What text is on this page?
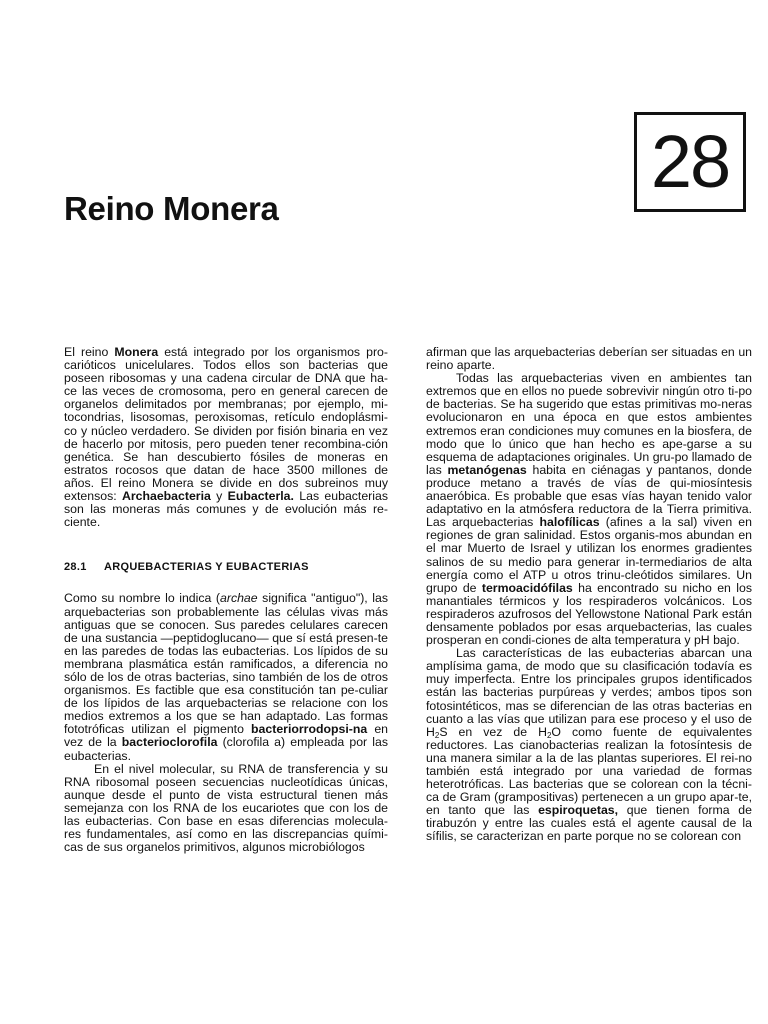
28
Reino Monera

El reino Monera está integrado por los organismos pro-carióticos unicelulares. Todos ellos son bacterias que poseen ribosomas y una cadena circular de DNA que ha-ce las veces de cromosoma, pero en general carecen de organelos delimitados por membranas; por ejemplo, mi-tocondrias, lisosomas, peroxisomas, retículo endoplásmi-co y núcleo verdadero. Se dividen por fisión binaria en vez de hacerlo por mitosis, pero pueden tener recombina-ción genética. Se han descubierto fósiles de moneras en estratos rocosos que datan de hace 3500 millones de años. El reino Monera se divide en dos subreinos muy extensos: Archaebacteria y Eubacterla. Las eubacterias son las moneras más comunes y de evolución más re-ciente.

28.1 ARQUEBACTERIAS Y EUBACTERIAS

Como su nombre lo indica (archae significa "antiguo"), las arquebacterias son probablemente las células vivas más antiguas que se conocen. Sus paredes celulares carecen de una sustancia —peptidoglucano— que sí está presen-te en las paredes de todas las eubacterias. Los lípidos de su membrana plasmática están ramificados, a diferencia no sólo de los de otras bacterias, sino también de los de otros organismos. Es factible que esa constitución tan pe-culiar de los lípidos de las arquebacterias se relacione con los medios extremos a los que se han adaptado. Las formas fototróficas utilizan el pigmento bacteriorrodopsi-na en vez de la bacterioclorofila (clorofila a) empleada por las eubacterias.

En el nivel molecular, su RNA de transferencia y su RNA ribosomal poseen secuencias nucleotídicas únicas, aunque desde el punto de vista estructural tienen más semejanza con los RNA de los eucariotes que con los de las eubacterias. Con base en esas diferencias molecula-res fundamentales, así como en las discrepancias quími-cas de sus organelos primitivos, algunos microbiólogos

afirman que las arquebacterias deberían ser situadas en un reino aparte.

Todas las arquebacterias viven en ambientes tan extremos que en ellos no puede sobrevivir ningún otro ti-po de bacterias. Se ha sugerido que estas primitivas mo-neras evolucionaron en una época en que estos ambientes extremos eran condiciones muy comunes en la biosfera, de modo que lo único que han hecho es ape-garse a su esquema de adaptaciones originales. Un gru-po llamado de las metanógenas habita en ciénagas y pantanos, donde produce metano a través de vías de qui-miosíntesis anaeróbica. Es probable que esas vías hayan tenido valor adaptativo en la atmósfera reductora de la Tierra primitiva. Las arquebacterias halofílicas (afines a la sal) viven en regiones de gran salinidad. Estos organis-mos abundan en el mar Muerto de Israel y utilizan los enormes gradientes salinos de su medio para generar in-termediarios de alta energía como el ATP u otros trinu-cleótidos similares. Un grupo de termoacidófilas ha encontrado su nicho en los manantiales térmicos y los respiraderos volcánicos. Los respiraderos azufrosos del Yellowstone National Park están densamente poblados por esas arquebacterias, las cuales prosperan en condi-ciones de alta temperatura y pH bajo.

Las características de las eubacterias abarcan una amplísima gama, de modo que su clasificación todavía es muy imperfecta. Entre los principales grupos identificados están las bacterias purpúreas y verdes; ambos tipos son fotosintéticos, mas se diferencian de las otras bacterias en cuanto a las vías que utilizan para ese proceso y el uso de $H_2S$ en vez de $H_2O$ como fuente de equivalentes reductores. Las cianobacterias realizan la fotosíntesis de una manera similar a la de las plantas superiores. El rei-no también está integrado por una variedad de formas heterotróficas. Las bacterias que se colorean con la técni-ca de Gram (grampositivas) pertenecen a un grupo apar-te, en tanto que las espiroquetas, que tienen forma de tirabuzón y entre las cuales está el agente causal de la sífilis, se caracterizan en parte porque no se colorean con
